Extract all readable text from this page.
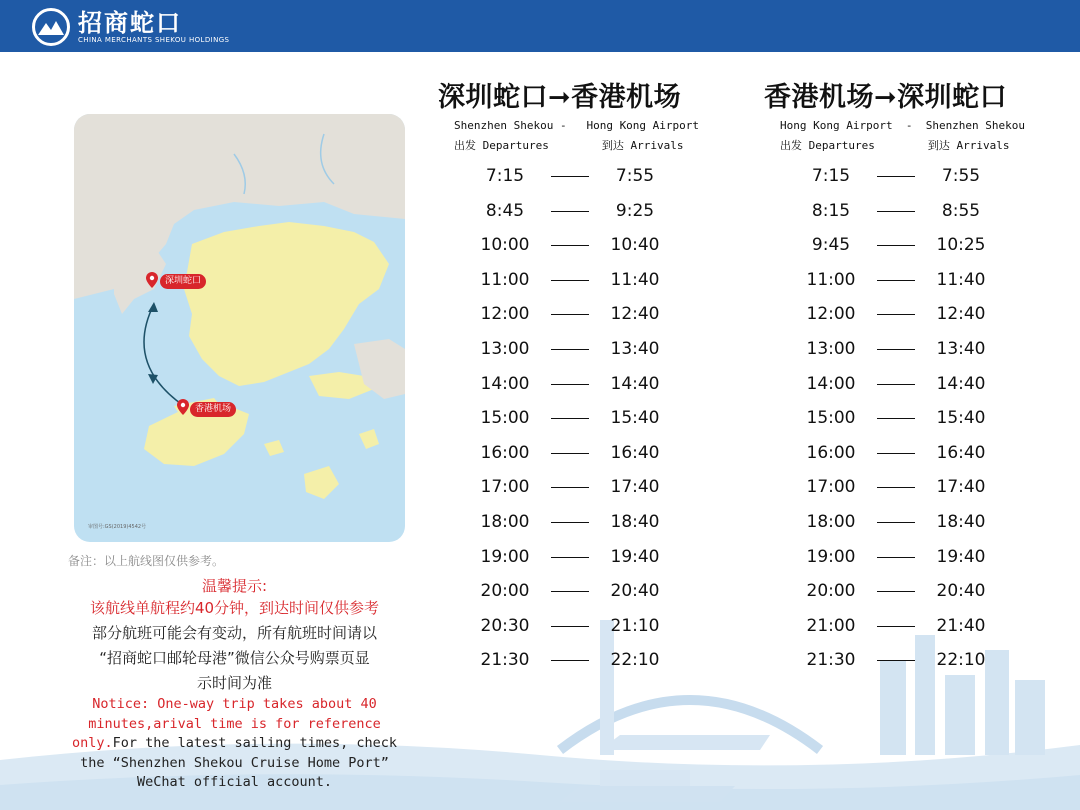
招商蛇口
CHINA MERCHANTS SHEKOU HOLDINGS
深圳蛇口
香港机场
审图号:GS(2019)4542号
备注：以上航线图仅供参考。
温馨提示:
该航线单航程约40分钟，到达时间仅供参考
部分航班可能会有变动，所有航班时间请以
“招商蛇口邮轮母港”微信公众号购票页显
示时间为准
Notice: One-way trip takes about 40 minutes,arival time is for reference only.For the latest sailing times, check the “Shenzhen Shekou Cruise Home Port” WeChat official account.
深圳蛇口➞香港机场
Shenzhen Shekou -   Hong Kong Airport
出发 Departures	到达 Arrivals
7:15	7:55
8:45	9:25
10:00	10:40
11:00	11:40
12:00	12:40
13:00	13:40
14:00	14:40
15:00	15:40
16:00	16:40
17:00	17:40
18:00	18:40
19:00	19:40
20:00	20:40
20:30	21:10
21:30	22:10
香港机场➞深圳蛇口
Hong Kong Airport  -  Shenzhen Shekou
出发 Departures	到达 Arrivals
7:15	7:55
8:15	8:55
9:45	10:25
11:00	11:40
12:00	12:40
13:00	13:40
14:00	14:40
15:00	15:40
16:00	16:40
17:00	17:40
18:00	18:40
19:00	19:40
20:00	20:40
21:00	21:40
21:30	22:10
